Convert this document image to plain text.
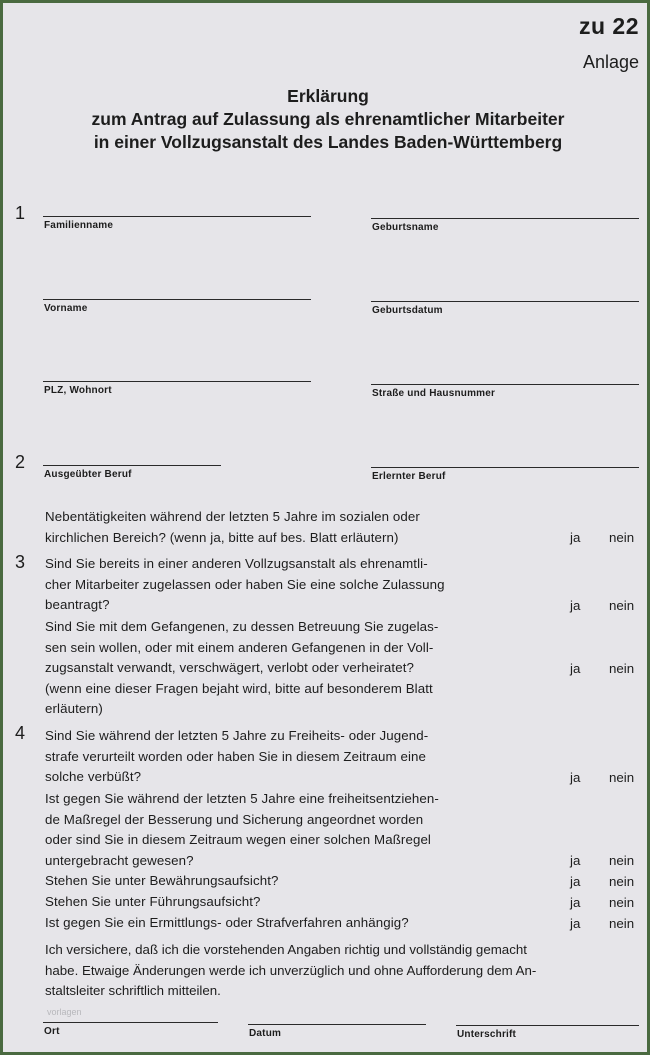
zu 22
Anlage
Erklärung
zum Antrag auf Zulassung als ehrenamtlicher Mitarbeiter
in einer Vollzugsanstalt des Landes Baden-Württemberg
1
Familienname	Geburtsname
Vorname	Geburtsdatum
PLZ, Wohnort	Straße und Hausnummer
2
Ausgeübter Beruf	Erlernter Beruf
Nebentätigkeiten während der letzten 5 Jahre im sozialen oder
kirchlichen Bereich? (wenn ja, bitte auf bes. Blatt erläutern)	ja nein
3 Sind Sie bereits in einer anderen Vollzugsanstalt als ehrenamtli-
cher Mitarbeiter zugelassen oder haben Sie eine solche Zulassung
beantragt?	ja nein
Sind Sie mit dem Gefangenen, zu dessen Betreuung Sie zugelas-
sen sein wollen, oder mit einem anderen Gefangenen in der Voll-
zugsanstalt verwandt, verschwägert, verlobt oder verheiratet?
(wenn eine dieser Fragen bejaht wird, bitte auf besonderem Blatt
erläutern)
ja nein
4 Sind Sie während der letzten 5 Jahre zu Freiheits- oder Jugend-
strafe verurteilt worden oder haben Sie in diesem Zeitraum eine
solche verbüßt?	ja nein
Ist gegen Sie während der letzten 5 Jahre eine freiheitsentziehen-
de Maßregel der Besserung und Sicherung angeordnet worden
oder sind Sie in diesem Zeitraum wegen einer solchen Maßregel
untergebracht gewesen?	ja nein
Stehen Sie unter Bewährungsaufsicht?	ja nein
Stehen Sie unter Führungsaufsicht?	ja nein
Ist gegen Sie ein Ermittlungs- oder Strafverfahren anhängig?	ja nein
Ich versichere, daß ich die vorstehenden Angaben richtig und vollständig gemacht
habe. Etwaige Änderungen werde ich unverzüglich und ohne Aufforderung dem An-
staltsleiter schriftlich mitteilen.
vorlagen
Ort	Datum	Unterschrift
